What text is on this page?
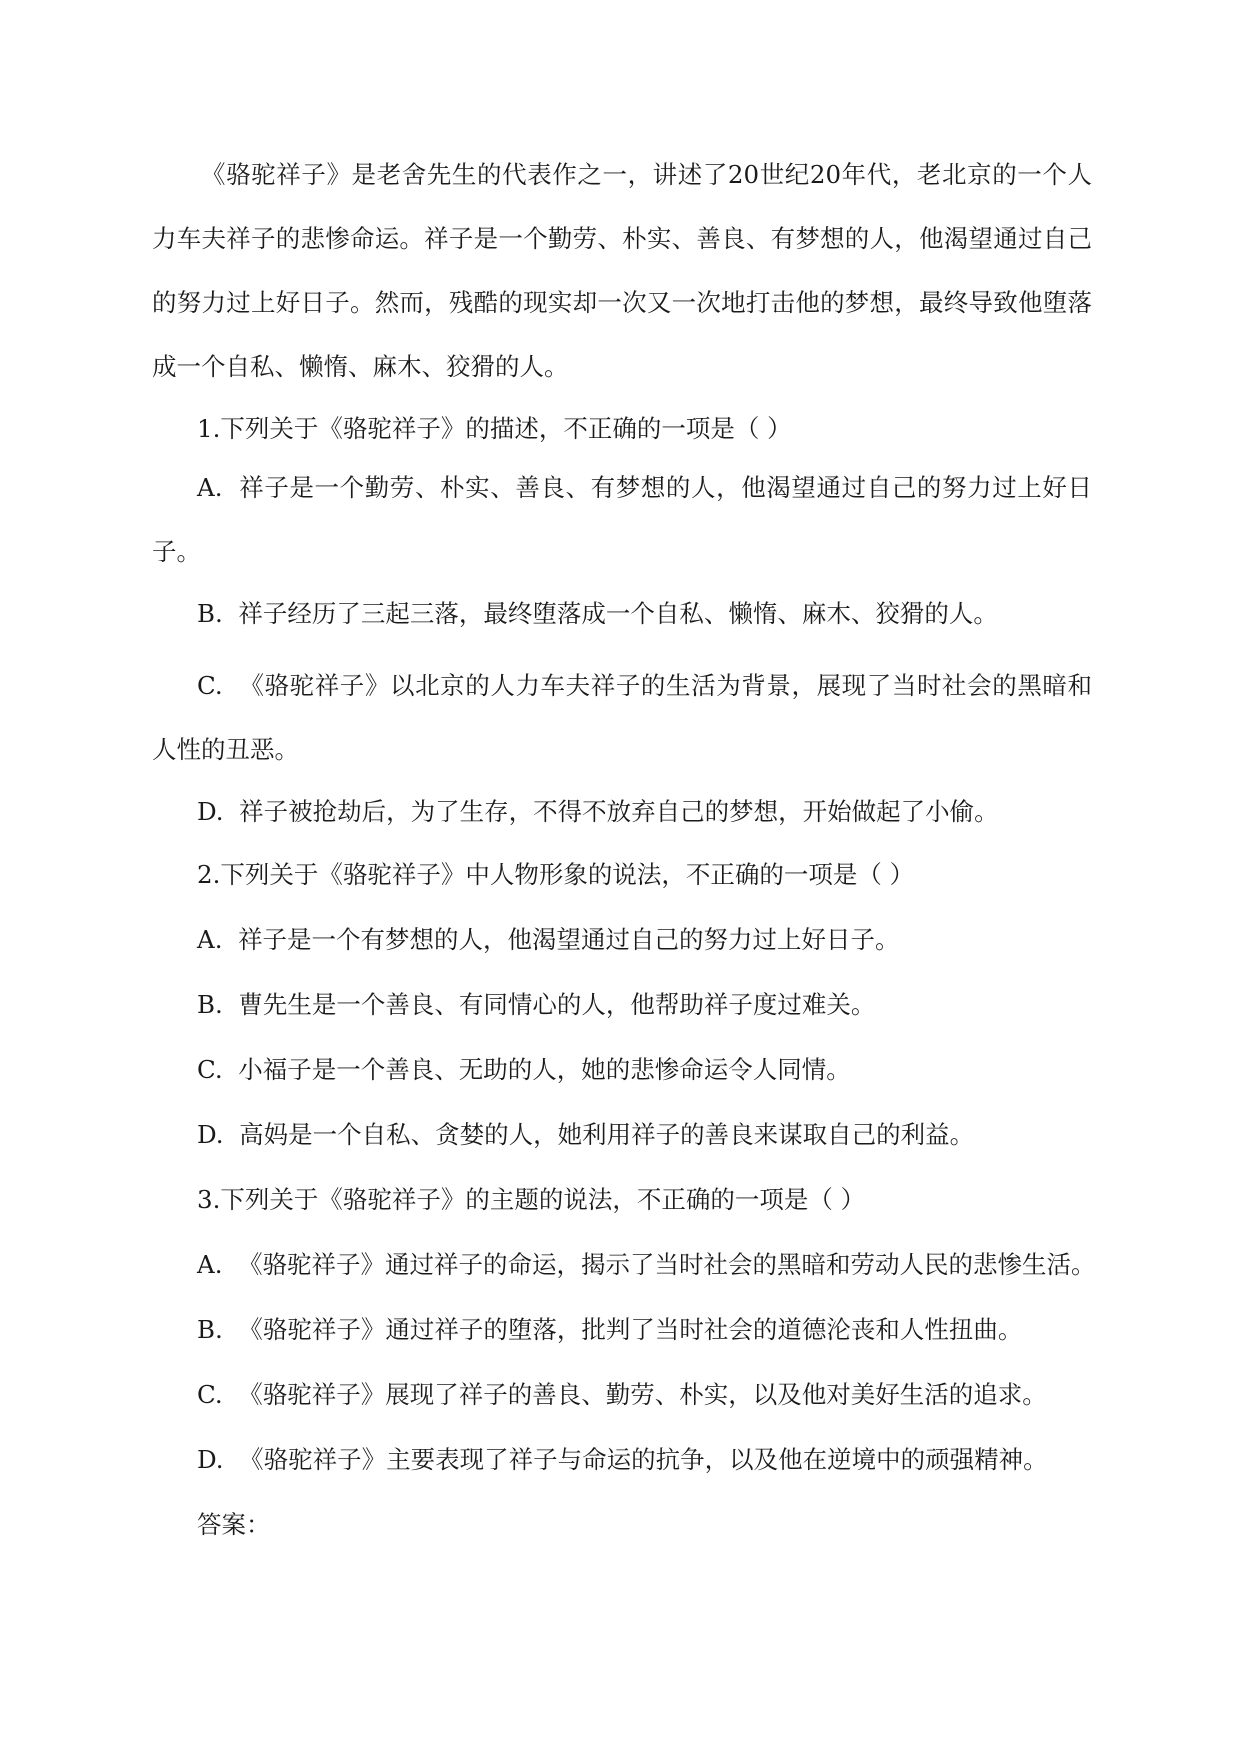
《骆驼祥子》是老舍先生的代表作之一，讲述了20世纪20年代，老北京的一个人力车夫祥子的悲惨命运。祥子是一个勤劳、朴实、善良、有梦想的人，他渴望通过自己的努力过上好日子。然而，残酷的现实却一次又一次地打击他的梦想，最终导致他堕落成一个自私、懒惰、麻木、狡猾的人。

1.下列关于《骆驼祥子》的描述，不正确的一项是（ ）

A. 祥子是一个勤劳、朴实、善良、有梦想的人，他渴望通过自己的努力过上好日子。

B. 祥子经历了三起三落，最终堕落成一个自私、懒惰、麻木、狡猾的人。

C. 《骆驼祥子》以北京的人力车夫祥子的生活为背景，展现了当时社会的黑暗和人性的丑恶。

D. 祥子被抢劫后，为了生存，不得不放弃自己的梦想，开始做起了小偷。

2.下列关于《骆驼祥子》中人物形象的说法，不正确的一项是（ ）

A. 祥子是一个有梦想的人，他渴望通过自己的努力过上好日子。

B. 曹先生是一个善良、有同情心的人，他帮助祥子度过难关。

C. 小福子是一个善良、无助的人，她的悲惨命运令人同情。

D. 高妈是一个自私、贪婪的人，她利用祥子的善良来谋取自己的利益。

3.下列关于《骆驼祥子》的主题的说法，不正确的一项是（ ）

A. 《骆驼祥子》通过祥子的命运，揭示了当时社会的黑暗和劳动人民的悲惨生活。

B. 《骆驼祥子》通过祥子的堕落，批判了当时社会的道德沦丧和人性扭曲。

C. 《骆驼祥子》展现了祥子的善良、勤劳、朴实，以及他对美好生活的追求。

D. 《骆驼祥子》主要表现了祥子与命运的抗争，以及他在逆境中的顽强精神。

答案：
